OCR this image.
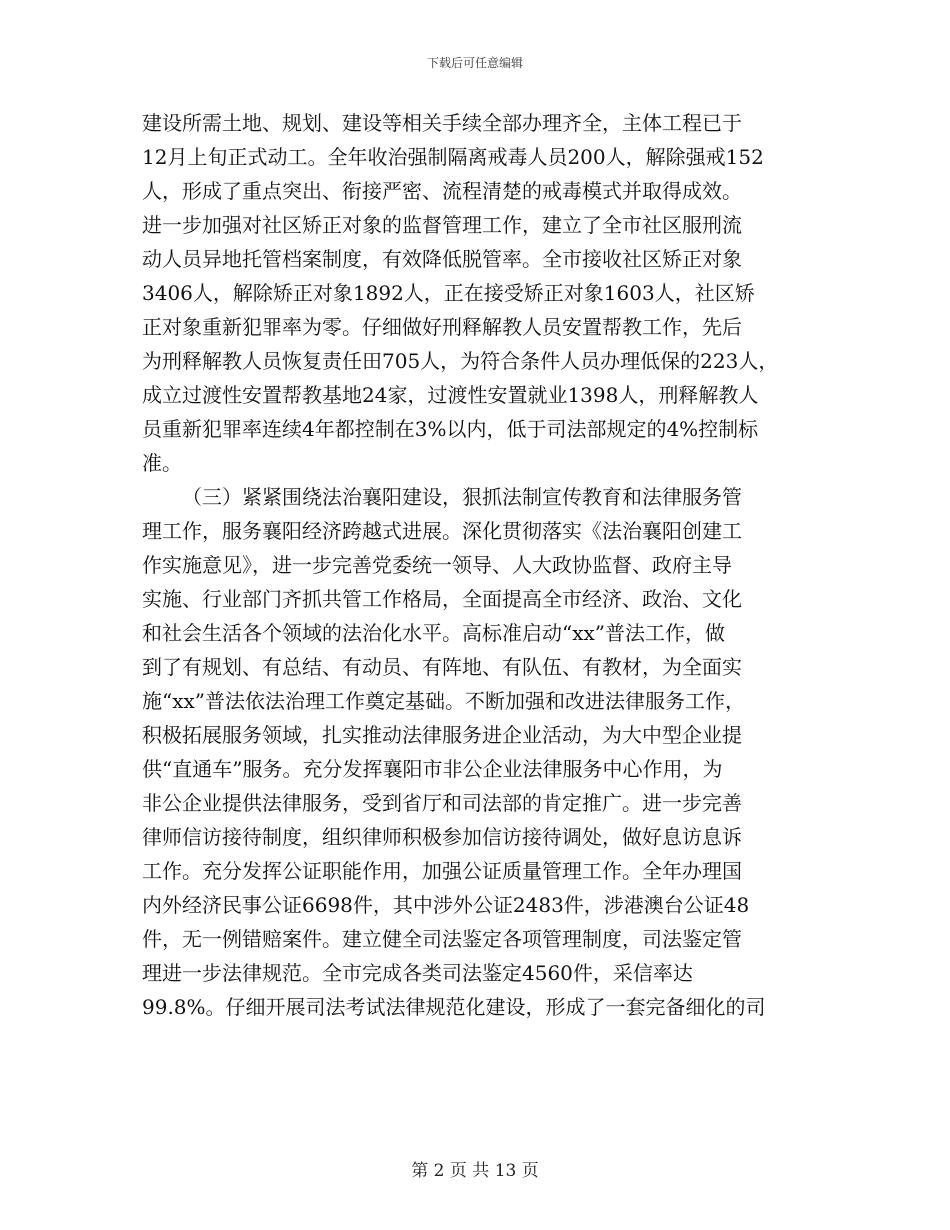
下载后可任意编辑
建设所需土地、规划、建设等相关手续全部办理齐全，主体工程已于
12月上旬正式动工。全年收治强制隔离戒毒人员200人，解除强戒152
人，形成了重点突出、衔接严密、流程清楚的戒毒模式并取得成效。
进一步加强对社区矫正对象的监督管理工作，建立了全市社区服刑流
动人员异地托管档案制度，有效降低脱管率。全市接收社区矫正对象
3406人，解除矫正对象1892人，正在接受矫正对象1603人，社区矫
正对象重新犯罪率为零。仔细做好刑释解教人员安置帮教工作，先后
为刑释解教人员恢复责任田705人，为符合条件人员办理低保的223人，
成立过渡性安置帮教基地24家，过渡性安置就业1398人，刑释解教人
员重新犯罪率连续4年都控制在3%以内，低于司法部规定的4%控制标
准。
（三）紧紧围绕法治襄阳建设，狠抓法制宣传教育和法律服务管
理工作，服务襄阳经济跨越式进展。深化贯彻落实《法治襄阳创建工
作实施意见》，进一步完善党委统一领导、人大政协监督、政府主导
实施、行业部门齐抓共管工作格局，全面提高全市经济、政治、文化
和社会生活各个领域的法治化水平。高标准启动“xx”普法工作，做
到了有规划、有总结、有动员、有阵地、有队伍、有教材，为全面实
施“xx”普法依法治理工作奠定基础。不断加强和改进法律服务工作，
积极拓展服务领域，扎实推动法律服务进企业活动，为大中型企业提
供“直通车”服务。充分发挥襄阳市非公企业法律服务中心作用，为
非公企业提供法律服务，受到省厅和司法部的肯定推广。进一步完善
律师信访接待制度，组织律师积极参加信访接待调处，做好息访息诉
工作。充分发挥公证职能作用，加强公证质量管理工作。全年办理国
内外经济民事公证6698件，其中涉外公证2483件，涉港澳台公证48
件，无一例错赔案件。建立健全司法鉴定各项管理制度，司法鉴定管
理进一步法律规范。全市完成各类司法鉴定4560件，采信率达
99.8%。仔细开展司法考试法律规范化建设，形成了一套完备细化的司
第 2 页 共 13 页
